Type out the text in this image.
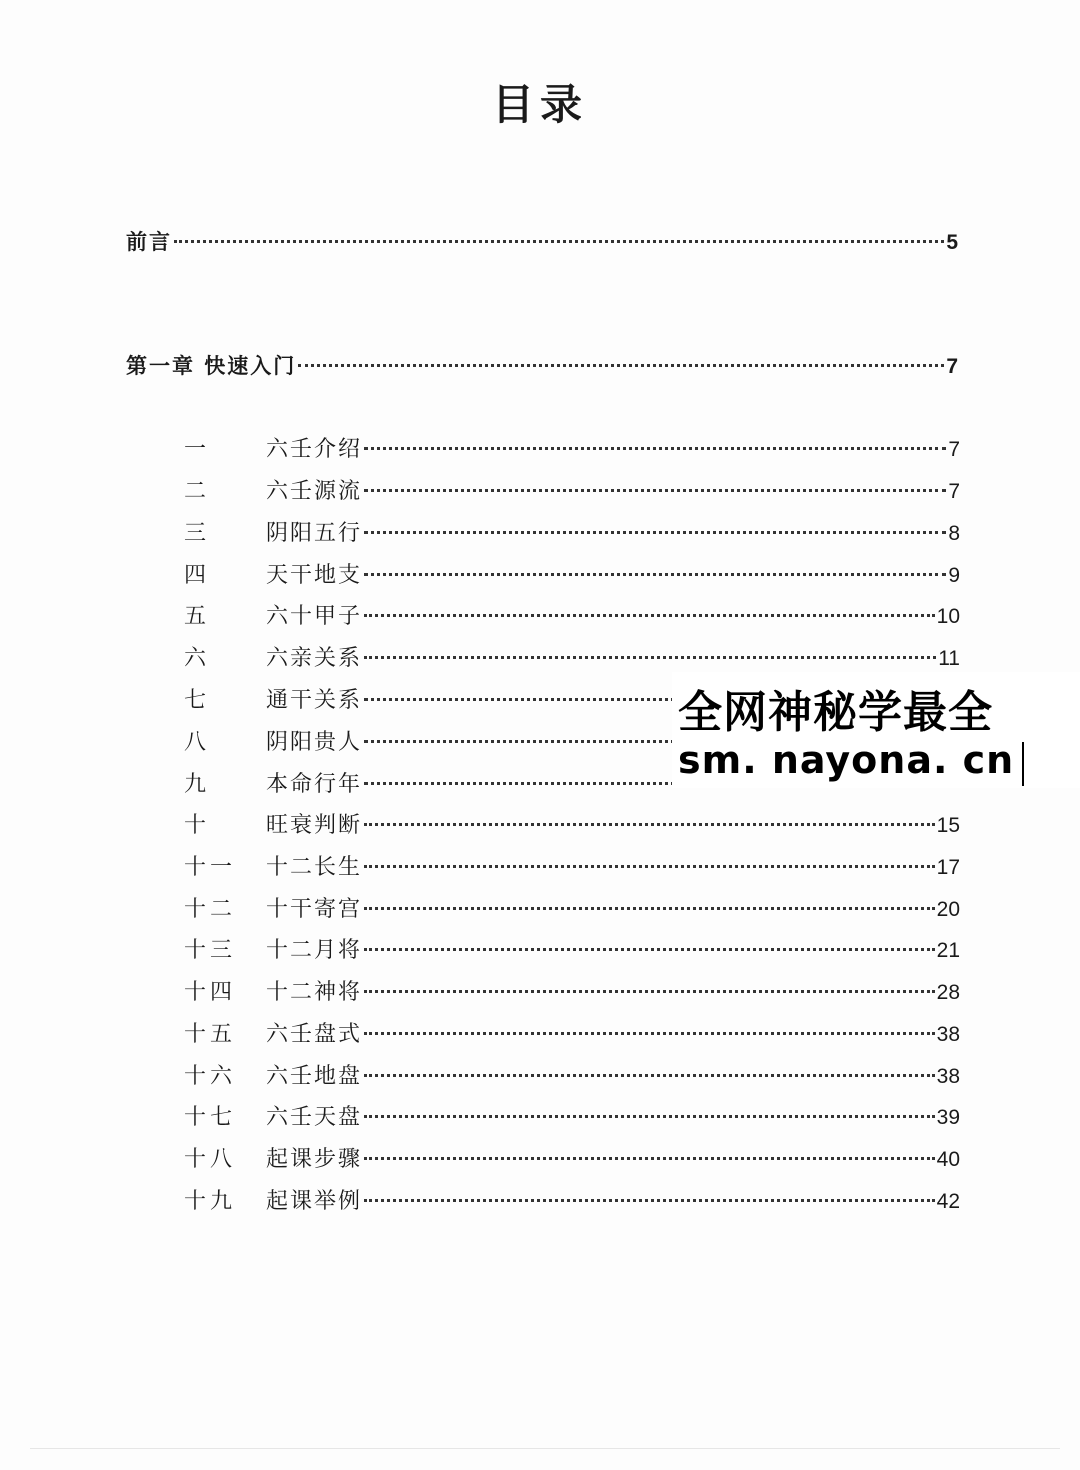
目录
前言	5
第一章 快速入门	7
一	六壬介绍	7
二	六壬源流	7
三	阴阳五行	8
四	天干地支	9
五	六十甲子	10
六	六亲关系	11
七	通干关系
八	阴阳贵人
九	本命行年
十	旺衰判断	15
十一	十二长生	17
十二	十干寄宫	20
十三	十二月将	21
十四	十二神将	28
十五	六壬盘式	38
十六	六壬地盘	38
十七	六壬天盘	39
十八	起课步骤	40
十九	起课举例	42
全网神秘学最全
sm. nayona. cn
